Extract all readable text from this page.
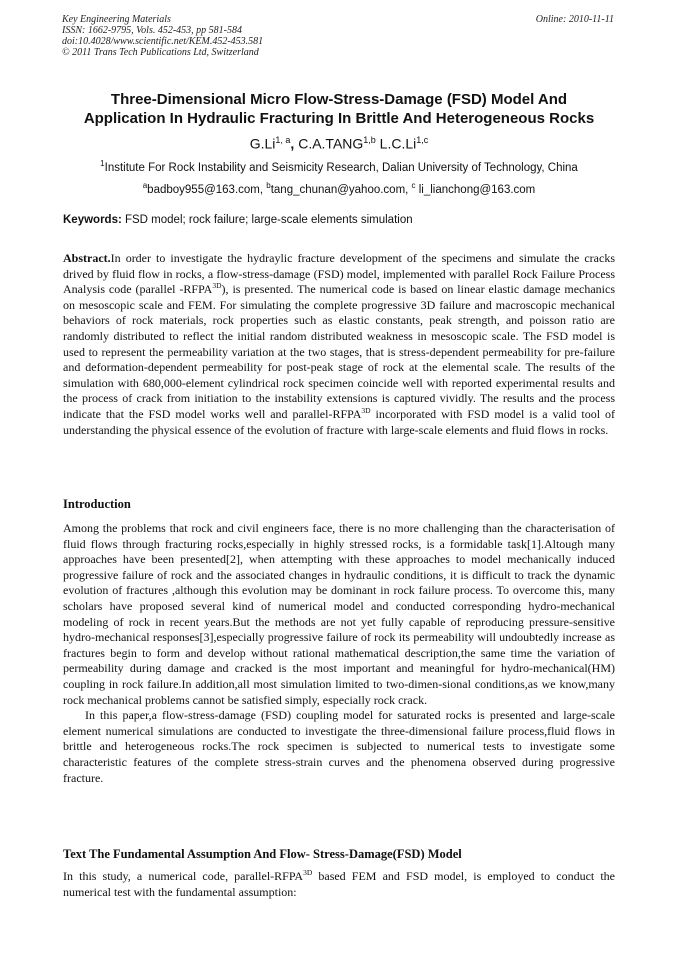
Key Engineering Materials
ISSN: 1662-9795, Vols. 452-453, pp 581-584
doi:10.4028/www.scientific.net/KEM.452-453.581
© 2011 Trans Tech Publications Ltd, Switzerland
Online: 2010-11-11
Three-Dimensional Micro Flow-Stress-Damage (FSD) Model And
Application In Hydraulic Fracturing In Brittle And Heterogeneous Rocks
G.Li$^{1, a}$, C.A.TANG$^{1,b}$ L.C.Li$^{1,c}$
$^1$Institute For Rock Instability and Seismicity Research, Dalian University of Technology, China
$^a$badboy955@163.com, $^b$tang_chunan@yahoo.com, $^c$ li_lianchong@163.com
Keywords: FSD model; rock failure; large-scale elements simulation
Abstract.In order to investigate the hydraylic fracture development of the specimens and simulate the cracks drived by fluid flow in rocks, a flow-stress-damage (FSD) model, implemented with parallel Rock Failure Process Analysis code (parallel $-RFPA^{3D}$), is presented. The numerical code is based on linear elastic damage mechanics on mesoscopic scale and FEM. For simulating the complete progressive 3D failure and macroscopic mechanical behaviors of rock materials, rock properties such as elastic constants, peak strength, and poisson ratio are randomly distributed to reflect the initial random distributed weakness in mesoscopic scale. The FSD model is used to represent the permeability variation at the two stages, that is stress-dependent permeability for pre-failure and deformation-dependent permeability for post-peak stage of rock at the elemental scale. The results of the simulation with 680,000-element cylindrical rock specimen coincide well with reported experimental results and the process of crack from initiation to the instability extensions is captured vividly. The results and the process indicate that the FSD model works well and parallel-$RFPA^{3D}$ incorporated with FSD model is a valid tool of understanding the physical essence of the evolution of fracture with large-scale elements and fluid flows in rocks.
Introduction

Among the problems that rock and civil engineers face, there is no more challenging than the characterisation of fluid flows through fracturing rocks,especially in highly stressed rocks, is a formidable task[1].Altough many approaches have been presented[2], when attempting with these approaches to model mechanically induced progressive failure of rock and the associated changes in hydraulic conditions, it is difficult to track the dynamic evolution of fractures ,although this evolution may be dominant in rock failure process. To overcome this, many scholars have proposed several kind of numerical model and conducted corresponding hydro-mechanical modeling of rock in recent years.But the methods are not yet fully capable of reproducing pressure-sensitive hydro-mechanical responses[3],especially progressive failure of rock its permeability will undoubtedly increase as fractures begin to form and develop without rational mathematical description,the same time the variation of permeability during damage and cracked is the most important and meaningful for hydro-mechanical(HM) coupling in rock failure.In addition,all most simulation limited to two-dimen-sional conditions,as we know,many rock mechanical problems cannot be satisfied simply, especially rock crack.

In this paper,a flow-stress-damage (FSD) coupling model for saturated rocks is presented and large-scale element numerical simulations are conducted to investigate the three-dimensional failure process,fluid flows in brittle and heterogeneous rocks.The rock specimen is subjected to numerical tests to investigate some characteristic features of the complete stress-strain curves and the phenomena observed during progressive fracture.

Text The Fundamental Assumption And Flow- Stress-Damage(FSD) Model
In this study, a numerical code, parallel-$RFPA^{3D}$ based FEM and FSD model, is employed to conduct the numerical test with the fundamental assumption:
